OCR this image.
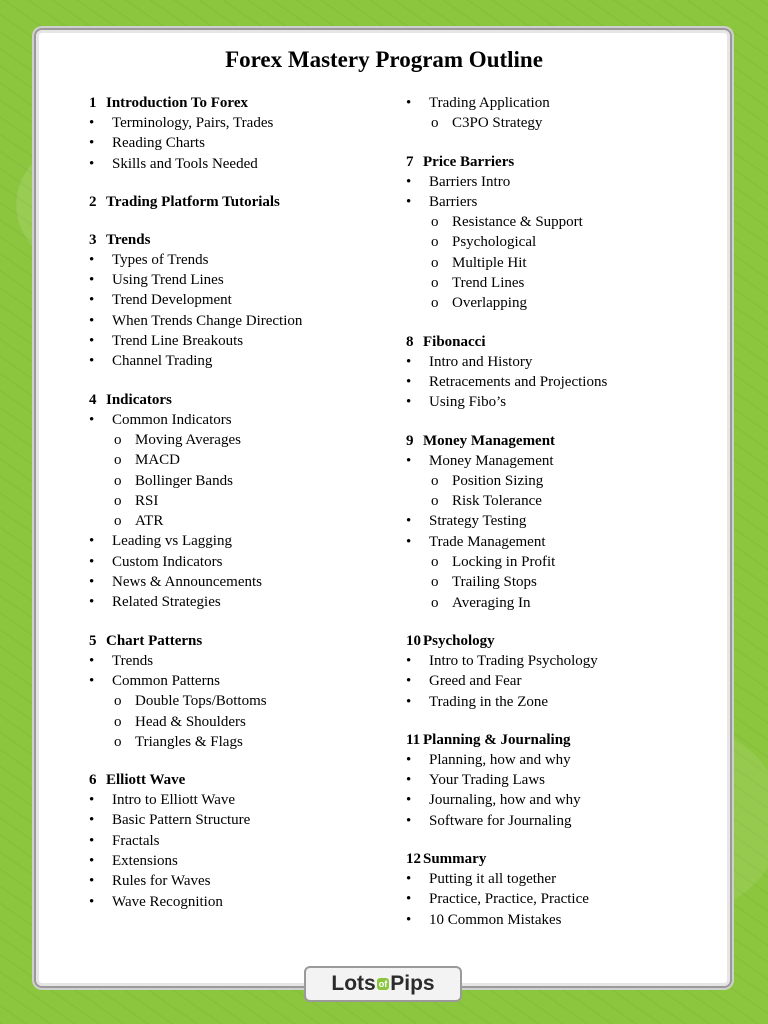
Forex Mastery Program Outline
1 Introduction To Forex
• Terminology, Pairs, Trades
• Reading Charts
• Skills and Tools Needed
2 Trading Platform Tutorials
3 Trends
• Types of Trends
• Using Trend Lines
• Trend Development
• When Trends Change Direction
• Trend Line Breakouts
• Channel Trading
4 Indicators
• Common Indicators
o Moving Averages
o MACD
o Bollinger Bands
o RSI
o ATR
• Leading vs Lagging
• Custom Indicators
• News & Announcements
• Related Strategies
5 Chart Patterns
• Trends
• Common Patterns
o Double Tops/Bottoms
o Head & Shoulders
o Triangles & Flags
6 Elliott Wave
• Intro to Elliott Wave
• Basic Pattern Structure
• Fractals
• Extensions
• Rules for Waves
• Wave Recognition
• Trading Application
o C3PO Strategy
7 Price Barriers
• Barriers Intro
• Barriers
o Resistance & Support
o Psychological
o Multiple Hit
o Trend Lines
o Overlapping
8 Fibonacci
• Intro and History
• Retracements and Projections
• Using Fibo’s
9 Money Management
• Money Management
o Position Sizing
o Risk Tolerance
• Strategy Testing
• Trade Management
o Locking in Profit
o Trailing Stops
o Averaging In
10 Psychology
• Intro to Trading Psychology
• Greed and Fear
• Trading in the Zone
11 Planning & Journaling
• Planning, how and why
• Your Trading Laws
• Journaling, how and why
• Software for Journaling
12 Summary
• Putting it all together
• Practice, Practice, Practice
• 10 Common Mistakes
Lots of Pips
